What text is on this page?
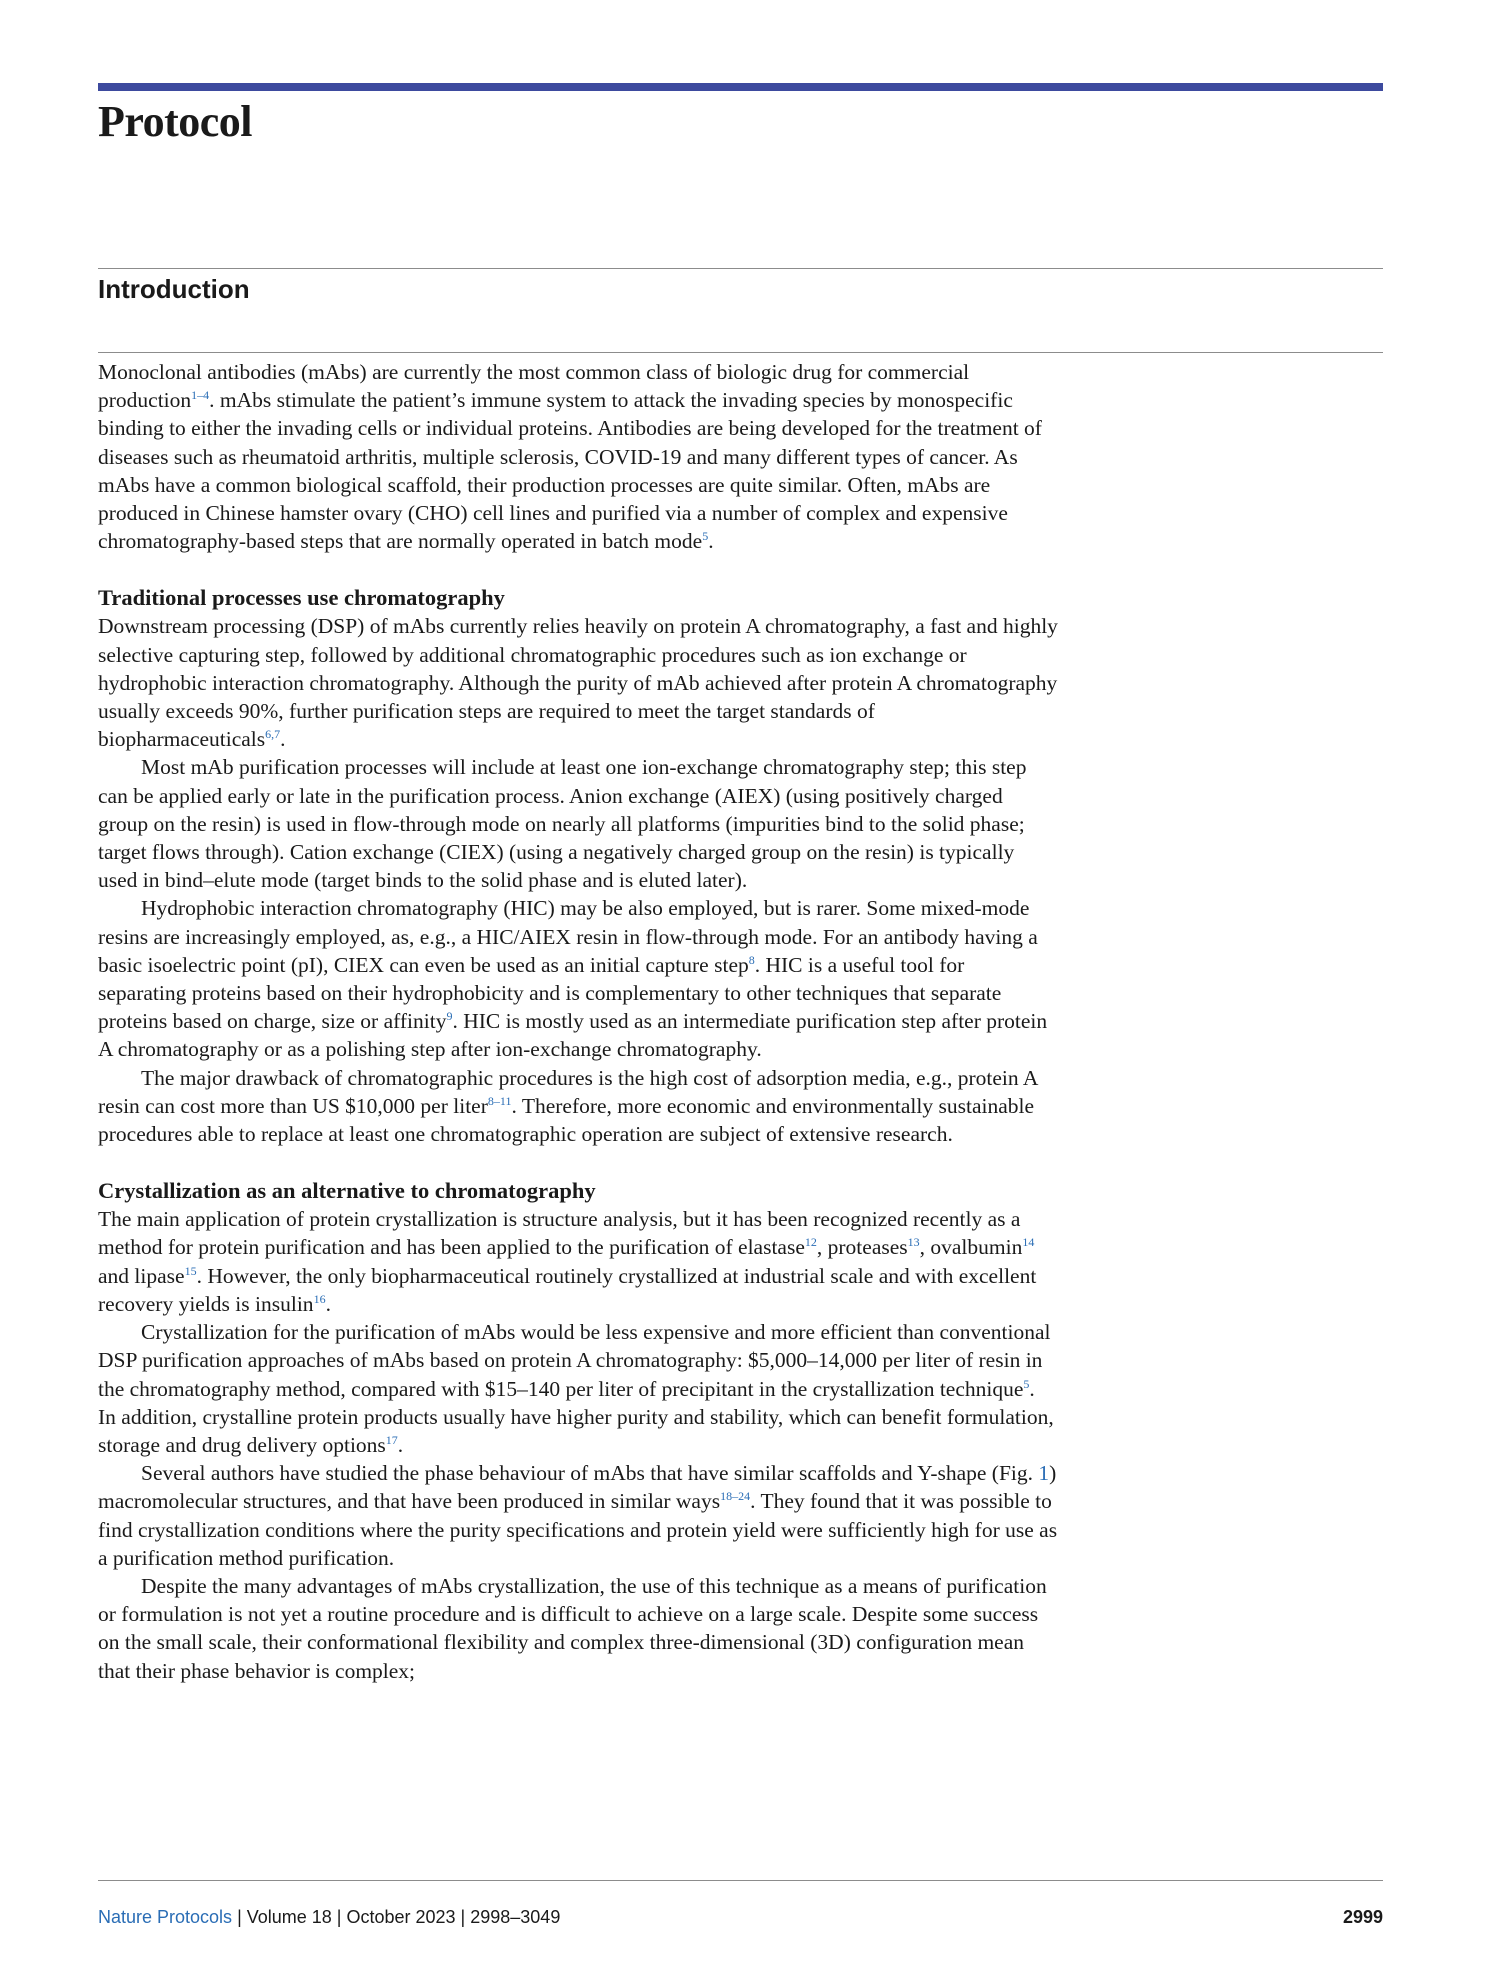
Protocol
Introduction

Monoclonal antibodies (mAbs) are currently the most common class of biologic drug for commercial production$^{1-4}$. mAbs stimulate the patient’s immune system to attack the invading species by monospecific binding to either the invading cells or individual proteins. Antibodies are being developed for the treatment of diseases such as rheumatoid arthritis, multiple sclerosis, COVID-19 and many different types of cancer. As mAbs have a common biological scaffold, their production processes are quite similar. Often, mAbs are produced in Chinese hamster ovary (CHO) cell lines and purified via a number of complex and expensive chromatography-based steps that are normally operated in batch mode$^5$.

Traditional processes use chromatography

Downstream processing (DSP) of mAbs currently relies heavily on protein A chromatography, a fast and highly selective capturing step, followed by additional chromatographic procedures such as ion exchange or hydrophobic interaction chromatography. Although the purity of mAb achieved after protein A chromatography usually exceeds 90%, further purification steps are required to meet the target standards of biopharmaceuticals$^{6,7}$.

Most mAb purification processes will include at least one ion-exchange chromatography step; this step can be applied early or late in the purification process. Anion exchange (AIEX) (using positively charged group on the resin) is used in flow-through mode on nearly all platforms (impurities bind to the solid phase; target flows through). Cation exchange (CIEX) (using a negatively charged group on the resin) is typically used in bind–elute mode (target binds to the solid phase and is eluted later).

Hydrophobic interaction chromatography (HIC) may be also employed, but is rarer. Some mixed-mode resins are increasingly employed, as, e.g., a HIC/AIEX resin in flow-through mode. For an antibody having a basic isoelectric point (pI), CIEX can even be used as an initial capture step$^8$. HIC is a useful tool for separating proteins based on their hydrophobicity and is complementary to other techniques that separate proteins based on charge, size or affinity$^9$. HIC is mostly used as an intermediate purification step after protein A chromatography or as a polishing step after ion-exchange chromatography.

The major drawback of chromatographic procedures is the high cost of adsorption media, e.g., protein A resin can cost more than US $10,000 per liter$^{8-11}$. Therefore, more economic and environmentally sustainable procedures able to replace at least one chromatographic operation are subject of extensive research.

Crystallization as an alternative to chromatography

The main application of protein crystallization is structure analysis, but it has been recognized recently as a method for protein purification and has been applied to the purification of elastase$^{12}$, proteases$^{13}$, ovalbumin$^{14}$ and lipase$^{15}$. However, the only biopharmaceutical routinely crystallized at industrial scale and with excellent recovery yields is insulin$^{16}$.

Crystallization for the purification of mAbs would be less expensive and more efficient than conventional DSP purification approaches of mAbs based on protein A chromatography: $5,000–14,000 per liter of resin in the chromatography method, compared with $15–140 per liter of precipitant in the crystallization technique$^5$. In addition, crystalline protein products usually have higher purity and stability, which can benefit formulation, storage and drug delivery options$^{17}$.

Several authors have studied the phase behaviour of mAbs that have similar scaffolds and Y-shape (Fig. 1) macromolecular structures, and that have been produced in similar ways$^{18-24}$. They found that it was possible to find crystallization conditions where the purity specifications and protein yield were sufficiently high for use as a purification method purification.

Despite the many advantages of mAbs crystallization, the use of this technique as a means of purification or formulation is not yet a routine procedure and is difficult to achieve on a large scale. Despite some success on the small scale, their conformational flexibility and complex three-dimensional (3D) configuration mean that their phase behavior is complex;

Nature Protocols | Volume 18 | October 2023 | 2998–3049	2999
